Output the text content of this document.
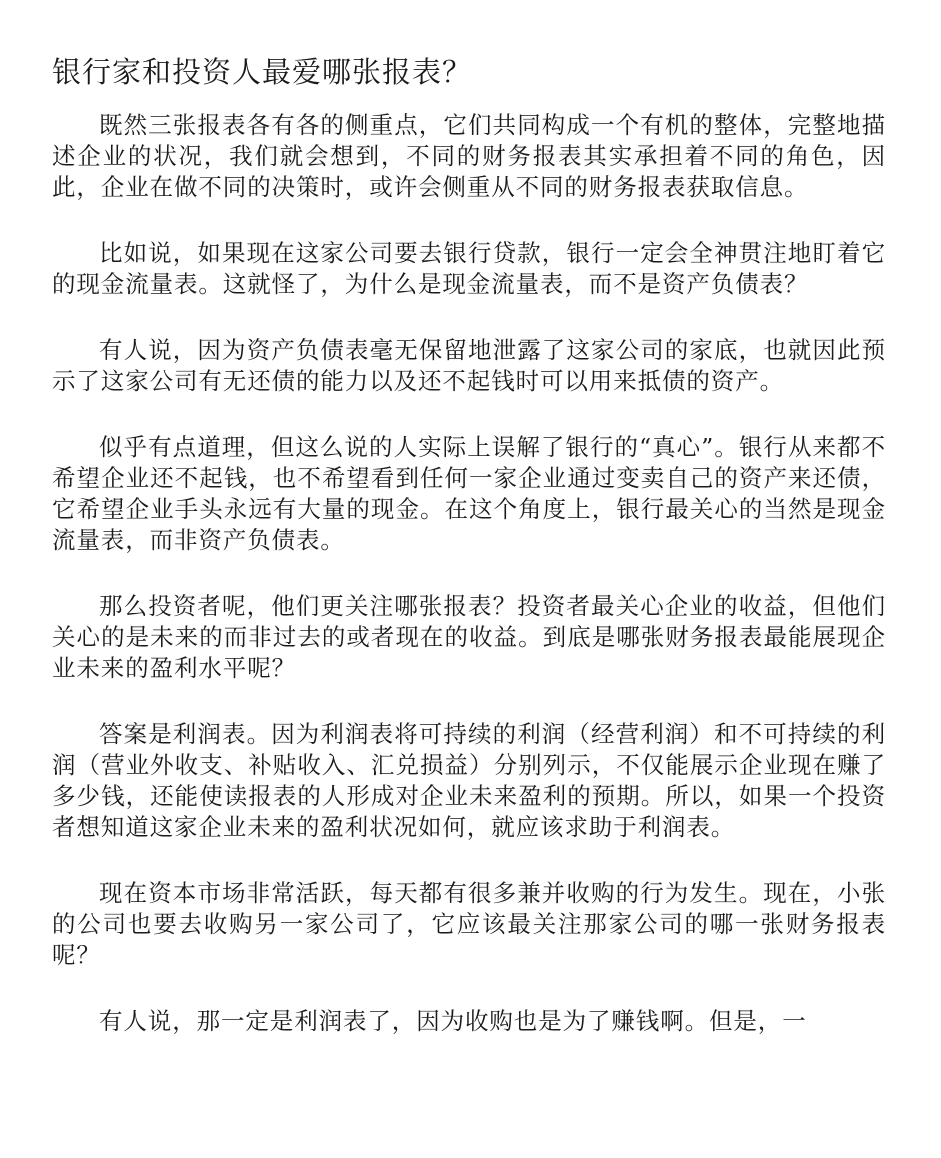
银行家和投资人最爱哪张报表？

既然三张报表各有各的侧重点，它们共同构成一个有机的整体，完整地描述企业的状况，我们就会想到，不同的财务报表其实承担着不同的角色，因此，企业在做不同的决策时，或许会侧重从不同的财务报表获取信息。

比如说，如果现在这家公司要去银行贷款，银行一定会全神贯注地盯着它的现金流量表。这就怪了，为什么是现金流量表，而不是资产负债表？

有人说，因为资产负债表毫无保留地泄露了这家公司的家底，也就因此预示了这家公司有无还债的能力以及还不起钱时可以用来抵债的资产。

似乎有点道理，但这么说的人实际上误解了银行的“真心”。银行从来都不希望企业还不起钱，也不希望看到任何一家企业通过变卖自己的资产来还债，它希望企业手头永远有大量的现金。在这个角度上，银行最关心的当然是现金流量表，而非资产负债表。

那么投资者呢，他们更关注哪张报表？投资者最关心企业的收益，但他们关心的是未来的而非过去的或者现在的收益。到底是哪张财务报表最能展现企业未来的盈利水平呢？

答案是利润表。因为利润表将可持续的利润（经营利润）和不可持续的利润（营业外收支、补贴收入、汇兑损益）分别列示，不仅能展示企业现在赚了多少钱，还能使读报表的人形成对企业未来盈利的预期。所以，如果一个投资者想知道这家企业未来的盈利状况如何，就应该求助于利润表。

现在资本市场非常活跃，每天都有很多兼并收购的行为发生。现在，小张的公司也要去收购另一家公司了，它应该最关注那家公司的哪一张财务报表呢？

有人说，那一定是利润表了，因为收购也是为了赚钱啊。但是，一
